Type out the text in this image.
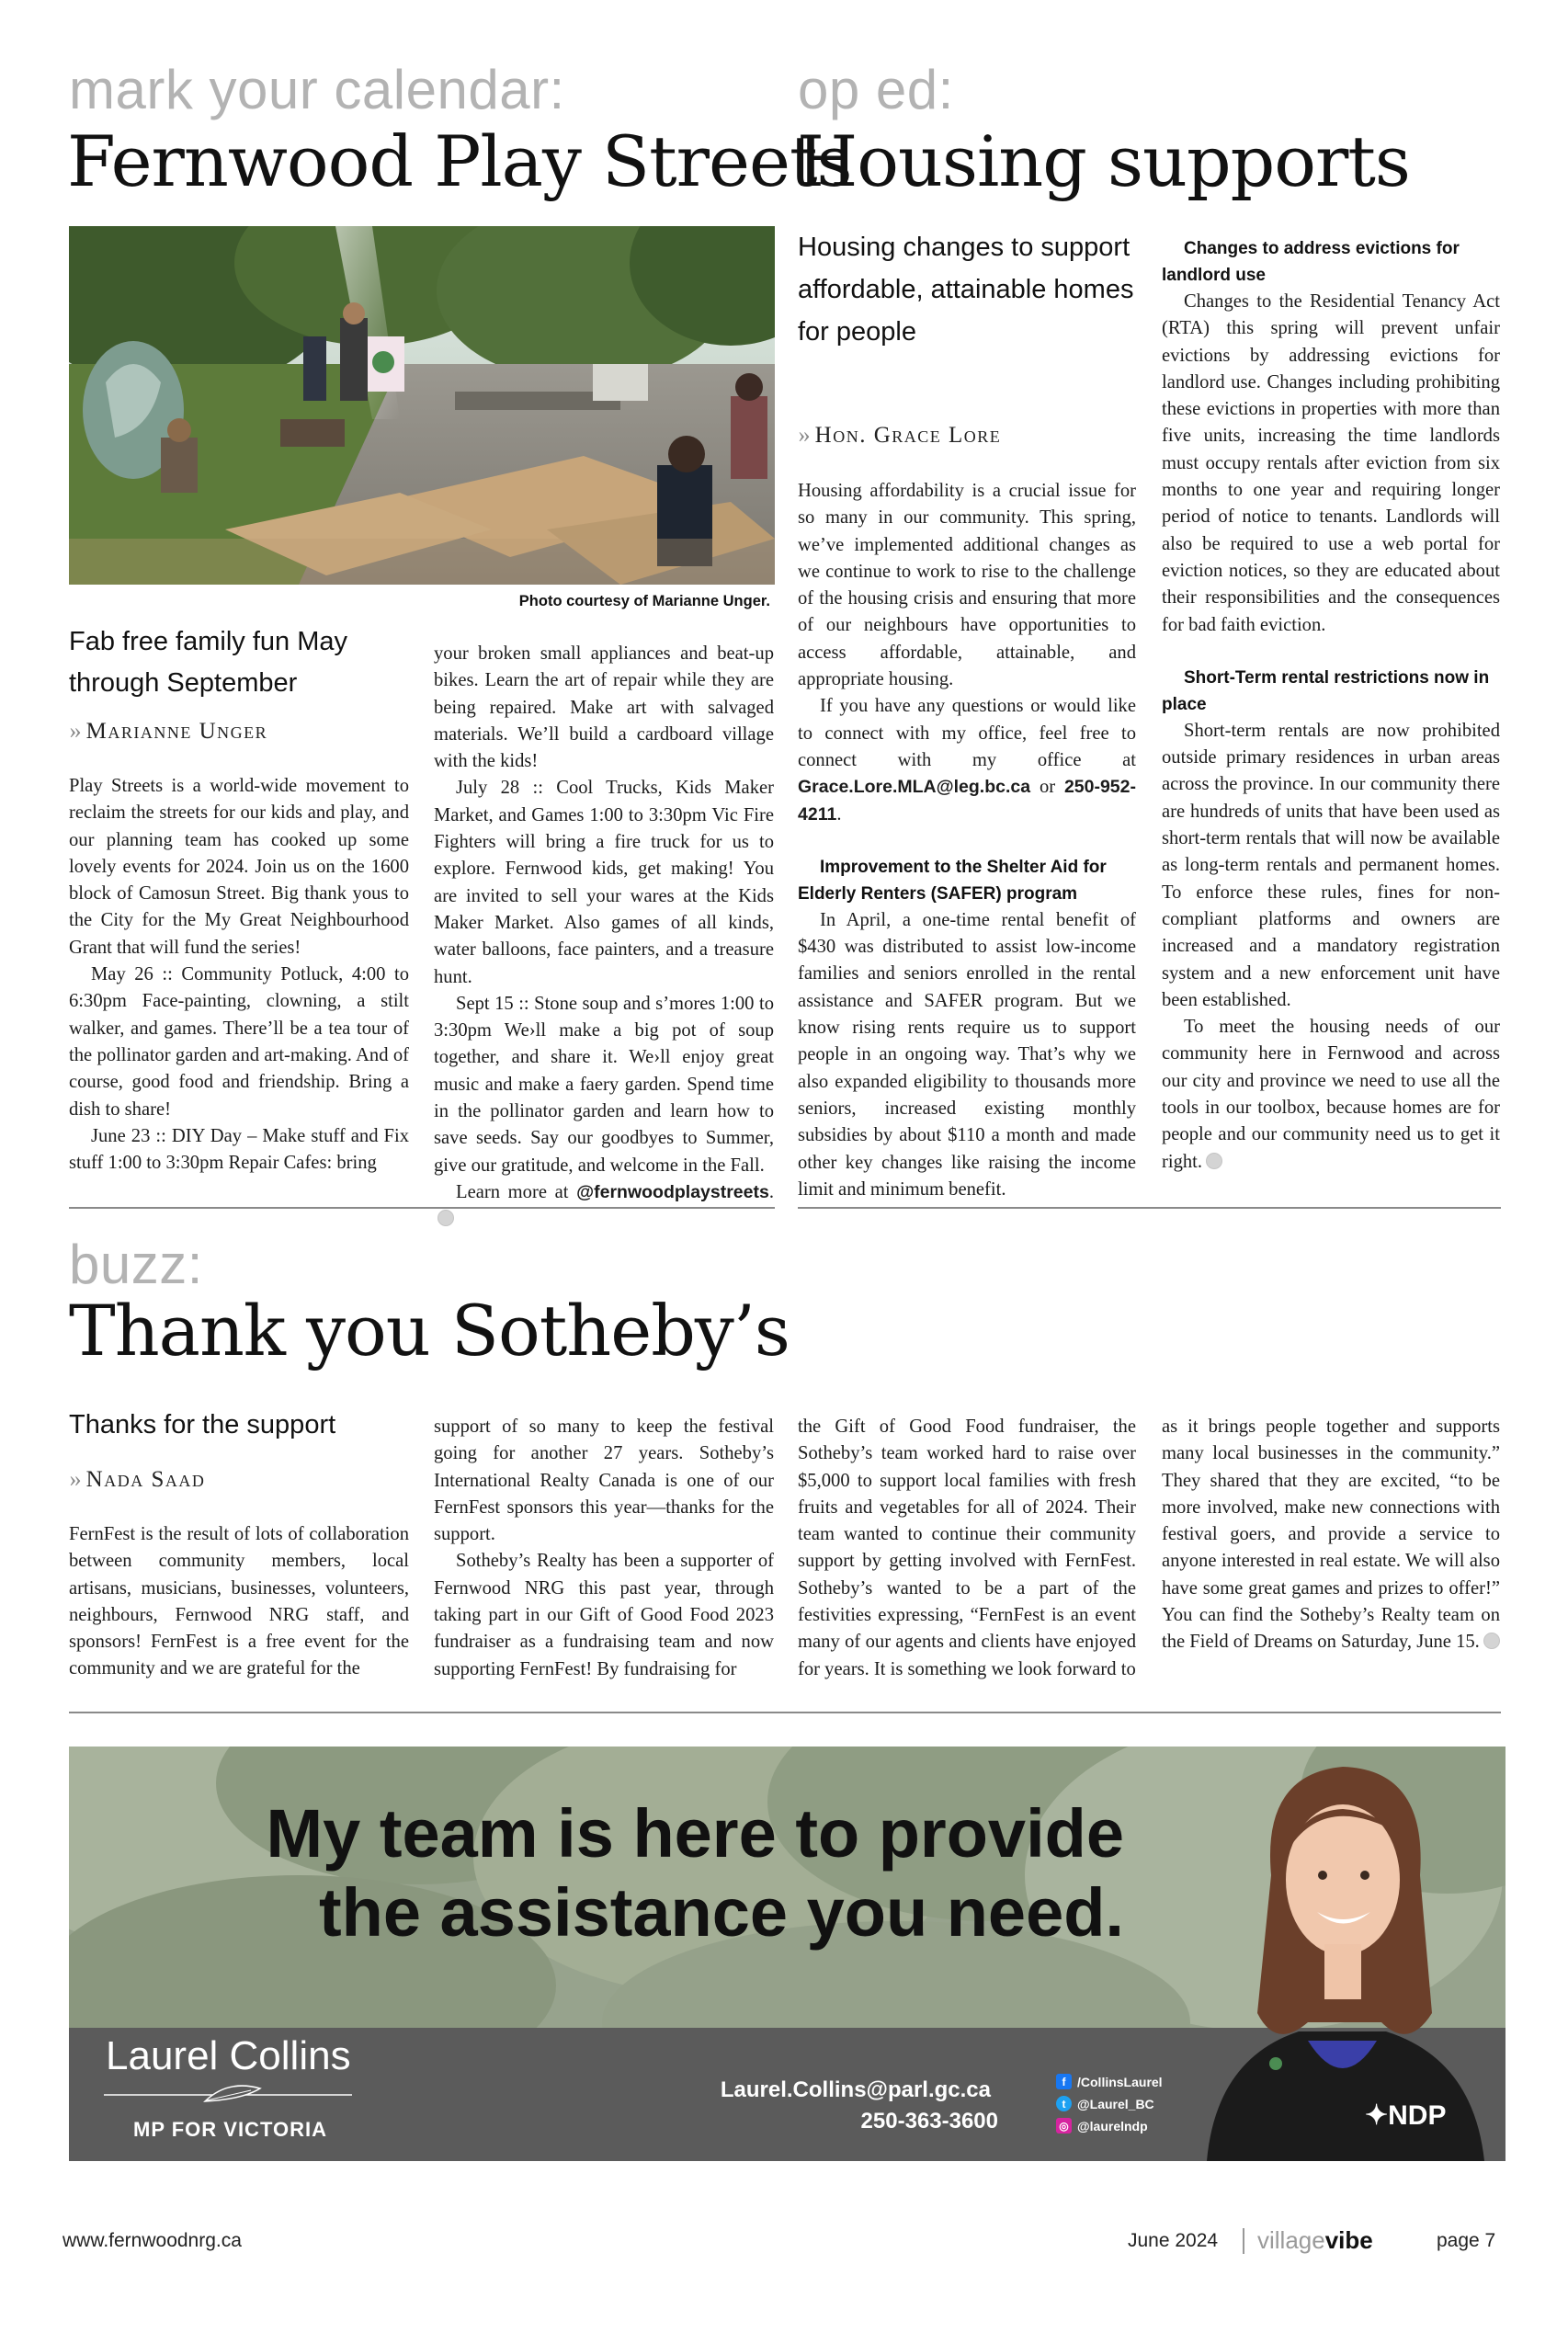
mark your calendar:
Fernwood Play Streets
Photo courtesy of Marianne Unger.
Fab free family fun May through September
›› Marianne Unger

Play Streets is a world-wide movement to reclaim the streets for our kids and play, and our planning team has cooked up some lovely events for 2024. Join us on the 1600 block of Camosun Street. Big thank yous to the City for the My Great Neighbourhood Grant that will fund the series!

May 26 :: Community Potluck, 4:00 to 6:30pm Face-painting, clowning, a stilt walker, and games. There’ll be a tea tour of the pollinator garden and art-making. And of course, good food and friendship. Bring a dish to share!

June 23 :: DIY Day – Make stuff and Fix stuff 1:00 to 3:30pm Repair Cafes: bring

your broken small appliances and beat-up bikes. Learn the art of repair while they are being repaired. Make art with salvaged materials. We’ll build a cardboard village with the kids!

July 28 :: Cool Trucks, Kids Maker Market, and Games 1:00 to 3:30pm Vic Fire Fighters will bring a fire truck for us to explore. Fernwood kids, get making! You are invited to sell your wares at the Kids Maker Market. Also games of all kinds, water balloons, face painters, and a treasure hunt.

Sept 15 :: Stone soup and s’mores 1:00 to 3:30pm We›ll make a big pot of soup together, and share it. We›ll enjoy great music and make a faery garden. Spend time in the pollinator garden and learn how to save seeds. Say our goodbyes to Summer, give our gratitude, and welcome in the Fall.

Learn more at @fernwoodplaystreets.

op ed:
Housing supports
Housing changes to support affordable, attainable homes for people
›› Hon. Grace Lore

Housing affordability is a crucial issue for so many in our community. This spring, we’ve implemented additional changes as we continue to work to rise to the challenge of the housing crisis and ensuring that more of our neighbours have opportunities to access affordable, attainable, and appropriate housing.

If you have any questions or would like to connect with my office, feel free to connect with my office at Grace.Lore.MLA@leg.bc.ca or 250-952-4211.

Improvement to the Shelter Aid for Elderly Renters (SAFER) program

In April, a one-time rental benefit of $430 was distributed to assist low-income families and seniors enrolled in the rental assistance and SAFER program. But we know rising rents require us to support people in an ongoing way. That’s why we also expanded eligibility to thousands more seniors, increased existing monthly subsidies by about $110 a month and made other key changes like raising the income limit and minimum benefit.

Changes to address evictions for landlord use

Changes to the Residential Tenancy Act (RTA) this spring will prevent unfair evictions by addressing evictions for landlord use. Changes including prohibiting these evictions in properties with more than five units, increasing the time landlords must occupy rentals after eviction from six months to one year and requiring longer period of notice to tenants. Landlords will also be required to use a web portal for eviction notices, so they are educated about their responsibilities and the consequences for bad faith eviction.

Short-Term rental restrictions now in place

Short-term rentals are now prohibited outside primary residences in urban areas across the province. In our community there are hundreds of units that have been used as short-term rentals that will now be available as long-term rentals and permanent homes. To enforce these rules, fines for non-compliant platforms and owners are increased and a mandatory registration system and a new enforcement unit have been established.

To meet the housing needs of our community here in Fernwood and across our city and province we need to use all the tools in our toolbox, because homes are for people and our community need us to get it right.

buzz:
Thank you Sotheby’s
Thanks for the support
›› Nada Saad

FernFest is the result of lots of collaboration between community members, local artisans, musicians, businesses, volunteers, neighbours, Fernwood NRG staff, and sponsors! FernFest is a free event for the community and we are grateful for the

support of so many to keep the festival going for another 27 years. Sotheby’s International Realty Canada is one of our FernFest sponsors this year—thanks for the support.

Sotheby’s Realty has been a supporter of Fernwood NRG this past year, through taking part in our Gift of Good Food 2023 fundraiser as a fundraising team and now supporting FernFest! By fundraising for

the Gift of Good Food fundraiser, the Sotheby’s team worked hard to raise over $5,000 to support local families with fresh fruits and vegetables for all of 2024. Their team wanted to continue their community support by getting involved with FernFest. Sotheby’s wanted to be a part of the festivities expressing, “FernFest is an event many of our agents and clients have enjoyed for years. It is something we look forward to

as it brings people together and supports many local businesses in the community.” They shared that they are excited, “to be more involved, make new connections with festival goers, and provide a service to anyone interested in real estate. We will also have some great games and prizes to offer!” You can find the Sotheby’s Realty team on the Field of Dreams on Saturday, June 15.

My team is here to provide
the assistance you need.
Laurel Collins
MP FOR VICTORIA
Laurel.Collins@parl.gc.ca
250-363-3600
f /CollinsLaurel
t @Laurel_BC
◎ @laurelndp	✦NDP
www.fernwoodnrg.ca	June 2024 villagevibe	page 7
